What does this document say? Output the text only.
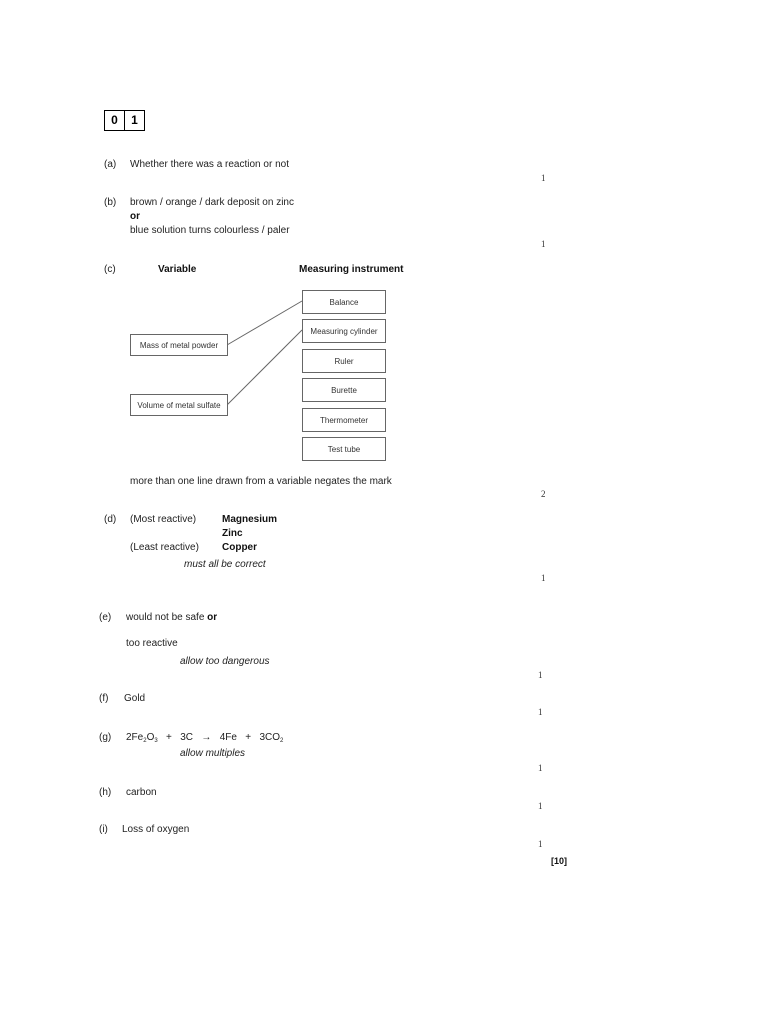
0	1
(a) Whether there was a reaction or not
1
(b) brown / orange / dark deposit on zinc
or
blue solution turns colourless / paler
1
(c)	Variable	Measuring instrument
Mass of metal powder
Volume of metal sulfate
Balance
Measuring cylinder
Ruler
Burette
Thermometer
Test tube
more than one line drawn from a variable negates the mark
2
(d) (Most reactive)	Magnesium
Zinc
(Least reactive) Copper
must all be correct
1
(e) would not be safe or
too reactive
allow too dangerous
1
(f) Gold
1
(g) $2Fe_2O_3 + 3C \to 4Fe + 3CO_2$
allow multiples
1
(h) carbon
1
(i) Loss of oxygen
1
[10]
